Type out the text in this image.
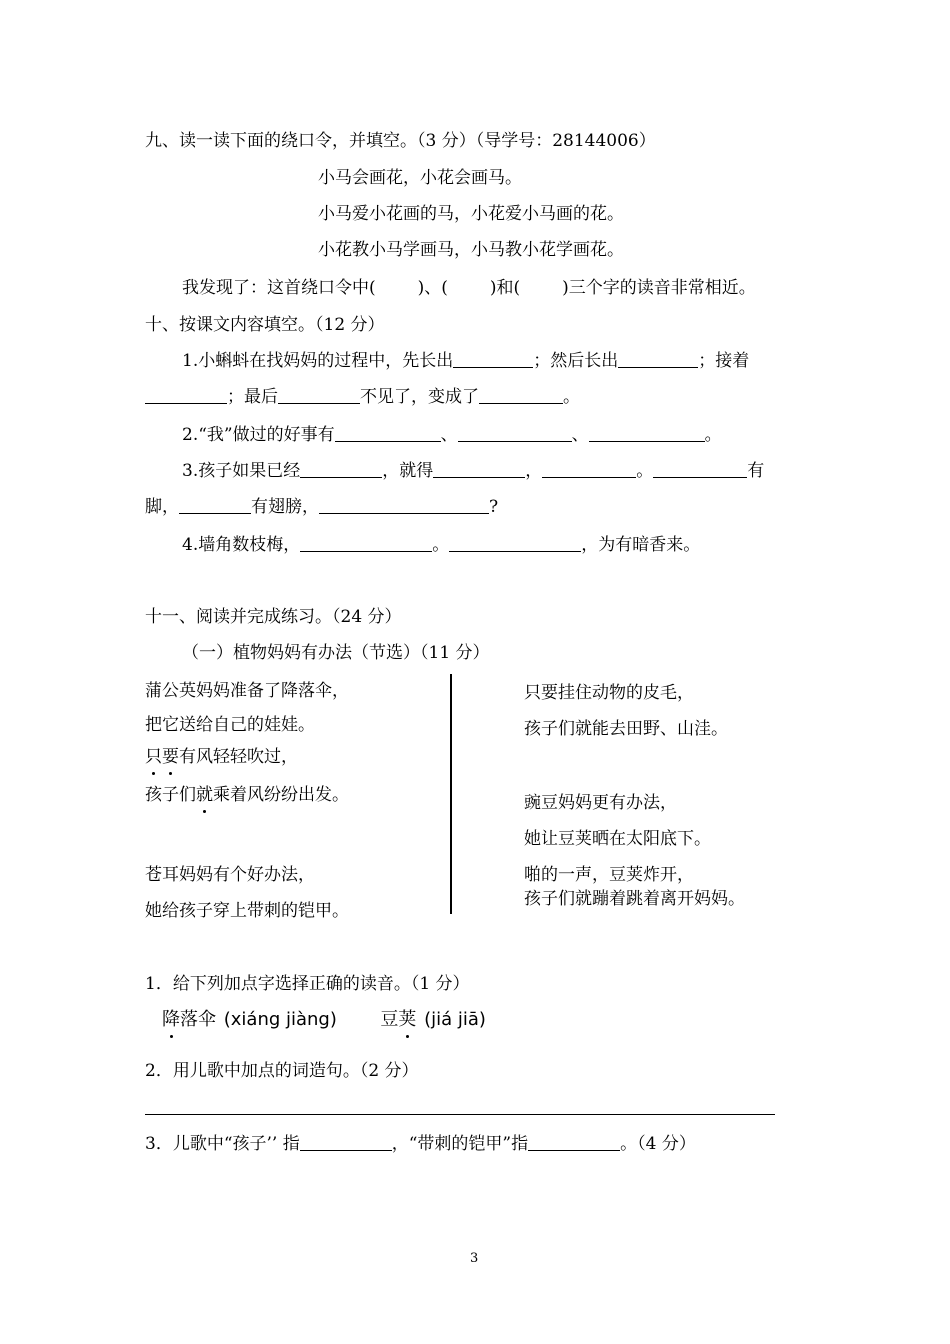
九、读一读下面的绕口令，并填空。（3 分）（导学号：28144006）
小马会画花，小花会画马。
小马爱小花画的马，小花爱小马画的花。
小花教小马学画马，小马教小花学画花。
我发现了：这首绕口令中( )、( )和( )三个字的读音非常相近。
十、按课文内容填空。（12 分）
1.小蝌蚪在找妈妈的过程中，先长出	；然后长出	；接着
；最后	不见了，变成了	。
2.“我”做过的好事有	、	、	。
3.孩子如果已经	，就得	，	。	有
脚，	有翅膀，	?
4.墙角数枝梅，	。	，为有暗香来。
十一、阅读并完成练习。（24 分）
（一）植物妈妈有办法（节选）（11 分）
蒲公英妈妈准备了降落伞，
把它送给自己的娃娃。
只要有风轻轻吹过，
孩子们就乘着风纷纷出发。
苍耳妈妈有个好办法，
她给孩子穿上带刺的铠甲。
只要挂住动物的皮毛，
孩子们就能去田野、山洼。
豌豆妈妈更有办法，
她让豆荚晒在太阳底下。
啪的一声，豆荚炸开，
孩子们就蹦着跳着离开妈妈。
1．给下列加点字选择正确的读音。（1 分）
降落伞 (xiáng jiàng) 豆荚 (jiá jiā)
2．用儿歌中加点的词造句。（2 分）
3．儿歌中“孩子’’ 指	，“带刺的铠甲”指	。（4 分）
3
